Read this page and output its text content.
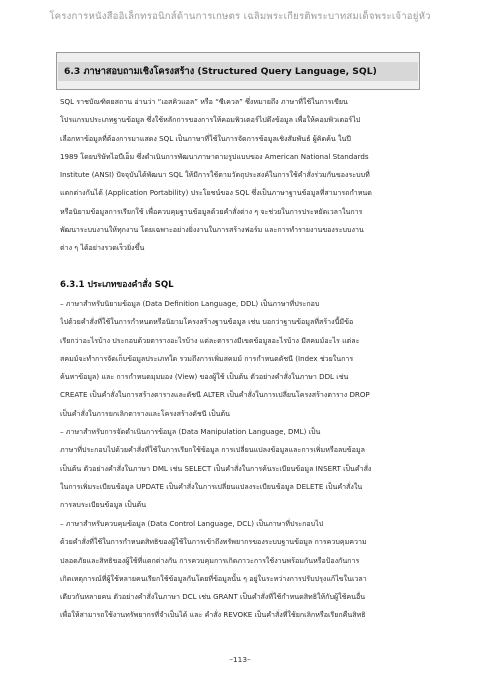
โครงการหนังสืออิเล็กทรอนิกส์ด้านการเกษตร เฉลิมพระเกียรติพระบาทสมเด็จพระเจ้าอยู่หัว
6.3 ภาษาสอบถามเชิงโครงสร้าง (Structured Query Language, SQL)
SQL ราชบัณฑิตยสถาน อ่านว่า “เอสคิวแอล” หรือ “ซีเควล” ซึ่งหมายถึง ภาษาที่ใช้ในการเขียน
โปรแกรมประเภทฐานข้อมูล ซึ่งใช้หลักการของการให้คอมพิวเตอร์ไปดึงข้อมูล เพื่อให้คอมพิวเตอร์ไป
เลือกหาข้อมูลที่ต้องการมาแสดง SQL เป็นภาษาที่ใช้ในการจัดการข้อมูลเชิงสัมพันธ์ ผู้คิดค้น ในปี
1989 โดยบริษัทไอบีเอ็ม ซึ่งดำเนินการพัฒนาภาษาตามรูปแบบของ American National Standards
Institute (ANSI) ปัจจุบันได้พัฒนา SQL ให้มีการใช้ตามวัตถุประสงค์ในการใช้คำสั่งร่วมกันของระบบที่
แตกต่างกันได้ (Application Portability) ประโยชน์ของ SQL ซึ่งเป็นภาษาฐานข้อมูลที่สามารถกำหนด
หรือนิยามข้อมูลการเรียกใช้ เพื่อควบคุมฐานข้อมูลด้วยคำสั่งต่าง ๆ จะช่วยในการประหยัดเวลาในการ
พัฒนาระบบงานให้ทุกงาน โดยเฉพาะอย่างยิ่งงานในการสร้างฟอร์ม และการทำรายงานของระบบงาน
ต่าง ๆ ได้อย่างรวดเร็วยิ่งขึ้น
6.3.1 ประเภทของคำสั่ง SQL
– ภาษาสำหรับนิยามข้อมูล (Data Definition Language, DDL) เป็นภาษาที่ประกอบ
ไปด้วยคำสั่งที่ใช้ในการกำหนดหรือนิยามโครงสร้างฐานข้อมูล เช่น บอกว่าฐานข้อมูลที่สร้างนี้มีข้อ
เรียกว่าอะไรบ้าง ประกอบด้วยตารางอะไรบ้าง แต่ละตารางมีเขตข้อมูลอะไรบ้าง มีสคมม์อะไร แต่ละ
สคมม์จะทำการจัดเก็บข้อมูลประเภทใด รวมถึงการเพิ่มสคมม์ การกำหนดดัชนี (Index ช่วยในการ
ค้นหาข้อมูล) และ การกำหนดมุมมอง (View) ของผู้ใช้ เป็นต้น ตัวอย่างคำสั่งในภาษา DDL เช่น
CREATE เป็นคำสั่งในการสร้างตารางและดัชนี ALTER เป็นคำสั่งในการเปลี่ยนโครงสร้างตาราง DROP
เป็นคำสั่งในการยกเลิกตารางและโครงสร้างดัชนี เป็นต้น
– ภาษาสำหรับการจัดดำเนินการข้อมูล (Data Manipulation Language, DML) เป็น
ภาษาที่ประกอบไปด้วยคำสั่งที่ใช้ในการเรียกใช้ข้อมูล การเปลี่ยนแปลงข้อมูลและการเพิ่มหรือลบข้อมูล
เป็นต้น ตัวอย่างคำสั่งในภาษา DML เช่น SELECT เป็นคำสั่งในการค้นระเบียนข้อมูล INSERT เป็นคำสั่ง
ในการเพิ่มระเบียนข้อมูล UPDATE เป็นคำสั่งในการเปลี่ยนแปลงระเบียนข้อมูล DELETE เป็นคำสั่งใน
การลบระเบียนข้อมูล เป็นต้น
– ภาษาสำหรับควบคุมข้อมูล (Data Control Language, DCL) เป็นภาษาที่ประกอบไป
ด้วยคำสั่งที่ใช้ในการกำหนดสิทธิของผู้ใช้ในการเข้าถึงทรัพยากรของระบบฐานข้อมูล การควบคุมความ
ปลอดภัยและสิทธิของผู้ใช้ที่แตกต่างกัน การควบคุมการเกิดภาวะการใช้งานพร้อมกันหรือป้องกันการ
เกิดเหตุการณ์ที่ผู้ใช้หลายคนเรียกใช้ข้อมูลกันโดยที่ข้อมูลนั้น ๆ อยู่ในระหว่างการปรับปรุงแก้ไขในเวลา
เดียวกันหลายคน ตัวอย่างคำสั่งในภาษา DCL เช่น GRANT เป็นคำสั่งที่ใช้กำหนดสิทธิให้กับผู้ใช้คนอื่น
เพื่อให้สามารถใช้งานทรัพยากรที่จำเป็นได้ และ คำสั่ง REVOKE เป็นคำสั่งที่ใช้ยกเลิกหรือเรียกคืนสิทธิ
–113–
